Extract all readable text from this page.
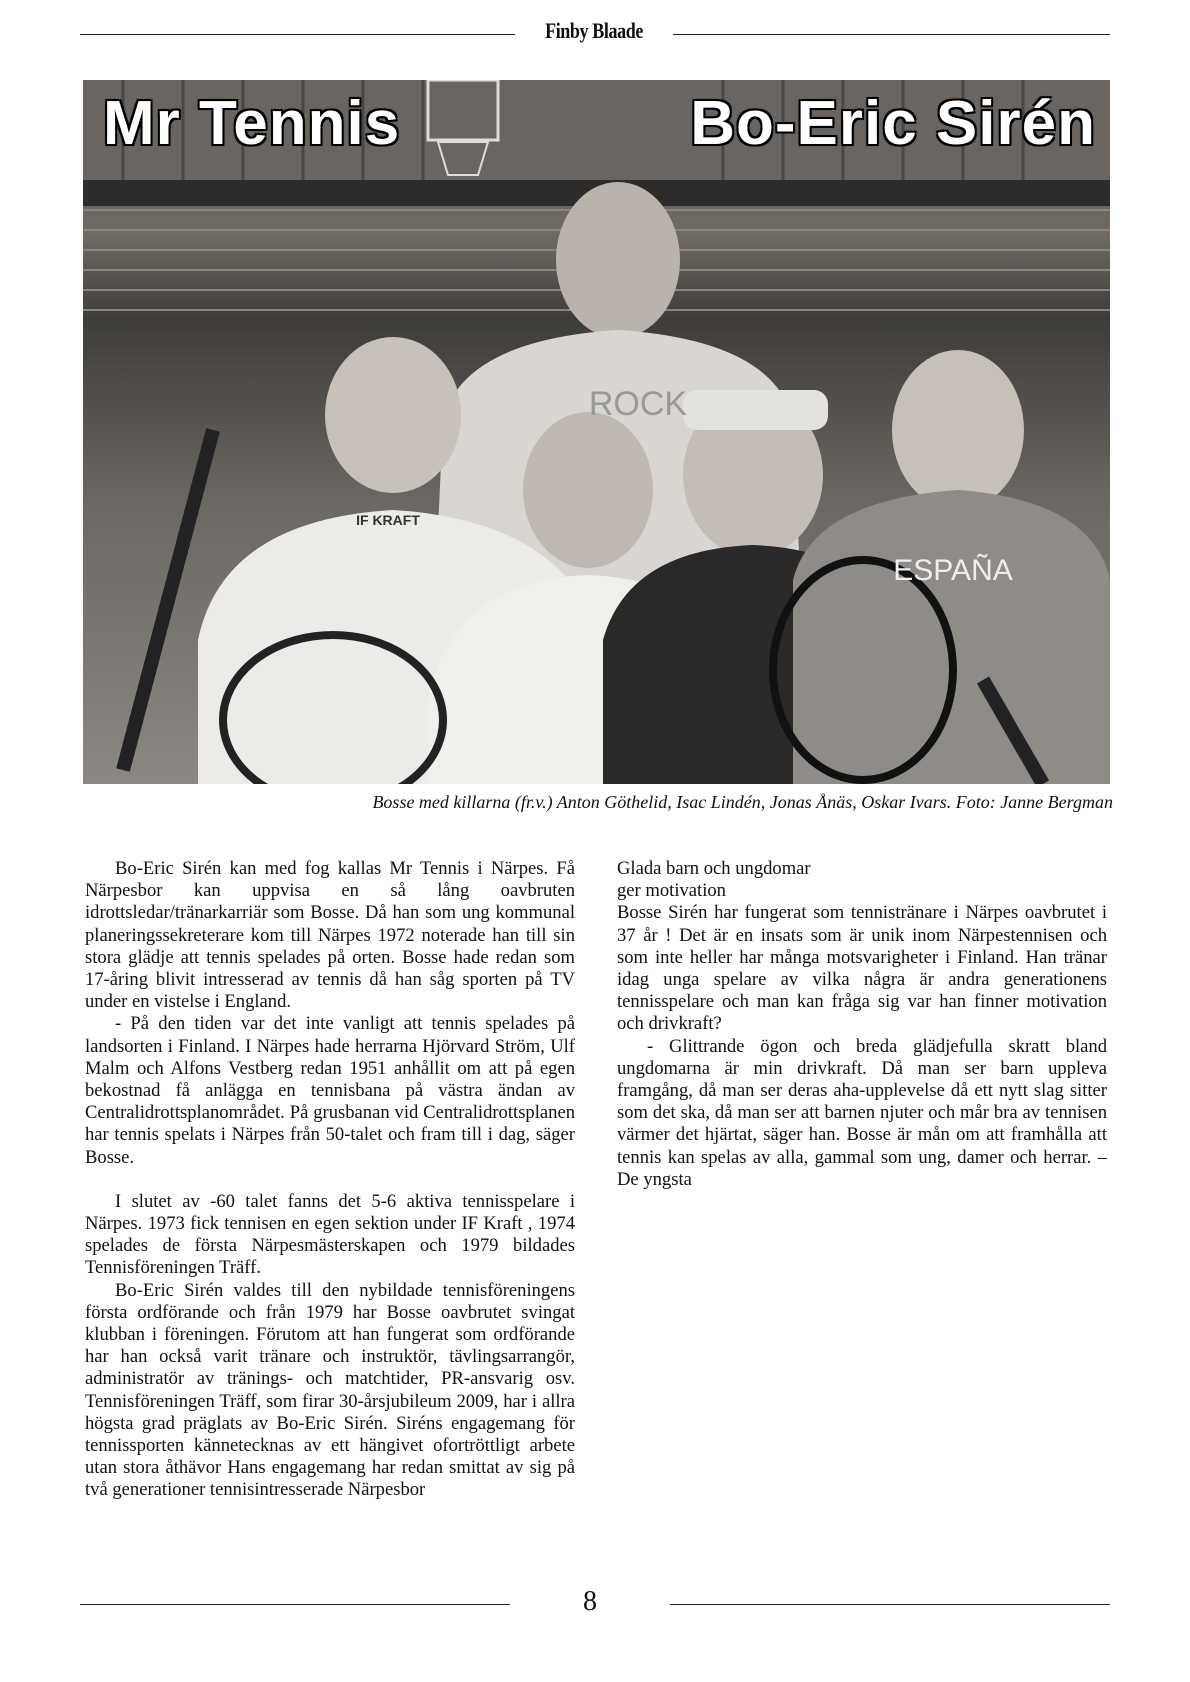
Finby Blaade
IF KRAFT
ESPAÑA
ROCK
Mr Tennis	Bo-Eric Sirén
Bosse med killarna (fr.v.) Anton Göthelid, Isac Lindén, Jonas Ånäs, Oskar Ivars. Foto: Janne Bergman

Bo-Eric Sirén kan med fog kallas Mr Tennis i Närpes. Få Närpesbor kan uppvisa en så lång oavbruten idrottsledar/tränarkarriär som Bosse. Då han som ung kommunal planeringssekreterare kom till Närpes 1972 noterade han till sin stora glädje att tennis spelades på orten. Bosse hade redan som 17-åring blivit intresserad av tennis då han såg sporten på TV under en vistelse i England.

- På den tiden var det inte vanligt att tennis spelades på landsorten i Finland. I Närpes hade herrarna Hjörvard Ström, Ulf Malm och Alfons Vestberg redan 1951 anhållit om att på egen bekostnad få anlägga en tennisbana på västra ändan av Centralidrottsplanområdet. På grusbanan vid Centralidrottsplanen har tennis spelats i Närpes från 50-talet och fram till i dag, säger Bosse.

I slutet av -60 talet fanns det 5-6 aktiva tennisspelare i Närpes. 1973 fick tennisen en egen sektion under IF Kraft , 1974 spelades de första Närpesmästerskapen och 1979 bildades Tennisföreningen Träff.

Bo-Eric Sirén valdes till den nybildade tennisföreningens första ordförande och från 1979 har Bosse oavbrutet svingat klubban i föreningen. Förutom att han fungerat som ordförande har han också varit tränare och instruktör, tävlingsarrangör, administratör av tränings- och matchtider, PR-ansvarig osv. Tennisföreningen Träff, som firar 30-årsjubileum 2009, har i allra högsta grad präglats av Bo-Eric Sirén. Siréns engagemang för tennissporten kännetecknas av ett hängivet ofortröttligt arbete utan stora åthävor Hans engagemang har redan smittat av sig på två generationer tennisintresserade Närpesbor

Glada barn och ungdomar

ger motivation

Bosse Sirén har fungerat som tennistränare i Närpes oavbrutet i 37 år ! Det är en insats som är unik inom Närpestennisen och som inte heller har många motsvarigheter i Finland. Han tränar idag unga spelare av vilka några är andra generationens tennisspelare och man kan fråga sig var han finner motivation och drivkraft?

- Glittrande ögon och breda glädjefulla skratt bland ungdomarna är min drivkraft. Då man ser barn uppleva framgång, då man ser deras aha-upplevelse då ett nytt slag sitter som det ska, då man ser att barnen njuter och mår bra av tennisen värmer det hjärtat, säger han. Bosse är mån om att framhålla att tennis kan spelas av alla, gammal som ung, damer och herrar. – De yngsta

8
